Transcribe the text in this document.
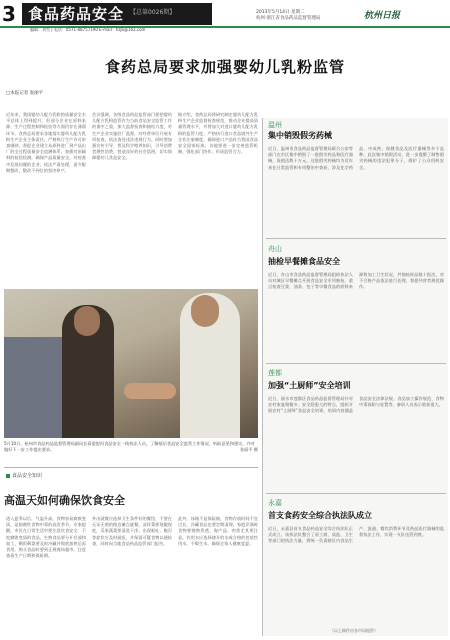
3 食品药品安全 【总第0026期】	2013年5月14日 星期二
杭州·浙江省食品药品监督管理局	杭州日报
编辑：刘雪 | 电话：0571-88757190 E-mail：hzjb@163.com
食药总局要求加强婴幼儿乳粉监管
□本报记者 张丽平
近年来，我国婴幼儿配方乳粉的质量安全水平总体上得到提升，但部分企业在原料来源、生产过程控制和检验等方面仍存在薄弱环节。食药总局要求各地落实婴幼儿配方乳粉生产企业主体责任，严格执行生产许可审查细则，督促企业建立从原料进厂到产品出厂的全过程质量安全追溯体系，加强对原辅料的检验检测，确保产品质量安全。对检查中发现问题的企业，依法严肃处理，责令限期整改，整改不到位的坚决停产。
会议强调，各级食品药品监管部门要把婴幼儿配方乳粉监管作为当前食品安全监管工作的重中之重，加大监督检查和抽检力度，对生产企业实施驻厂监督，对经营单位开展专项检查，依法查处违法违规行为。同时要加强宣传引导，普及科学喂养知识，引导消费者理性消费，营造良好的社会氛围，切实保障婴幼儿食品安全。
据介绍，食药总局将研究制定婴幼儿配方乳粉生产企业监督检查规范，推动企业提高质量管理水平，并将加大对进口婴幼儿配方乳粉的监管力度，严格执行进口食品境外生产企业注册制度，确保进口产品符合我国食品安全国家标准。各地要进一步完善监管机制，强化部门协作，形成监管合力。
5月10日，杭州市食品药品监督管理局副局长看望慰问食品安全一线执法人员，了解基层食品安全监管工作情况，听取意见和建议，并对做好下一步工作提出要求。	张丽平 摄
食品安全知识
高温天如何确保饮食安全
进入夏季以后，气温升高，食物容易腐败变质，是细菌性食物中毒的高发季节。专家提醒，市民在日常生活中要注意饮食安全：不吃腐败变质的食品，生熟食品要分开存放和加工，剩饭剩菜要及时冷藏并彻底加热后再食用。购买食品时要到正规商场超市，注意查看生产日期和保质期。
外出就餐应选择卫生条件好的餐馆，不要在无证无照的路边摊点就餐。凉拌菜要现做现吃，瓜果蔬菜要清洗干净。出现呕吐、腹泻等症状应及时就医，并保留可疑食物以便检查，同时向当地食品药品监管部门报告。
此外，冰箱不是保险箱，食物存放时间不宜过长，冷藏食品也要定期清理。家庭烹调时食物要烧熟煮透，海产品、肉类尤其要注意。饮用水应选择烧开的水或合格的包装饮用水，不喝生水，确保全家人健康度夏。
温州
集中销毁假劣药械
近日，温州市食品药品监督管理局联合公安等部门在市区集中销毁了一批假劣药品和医疗器械，货值达数十万元。这批假劣药械均为近年来在日常监管和专项整治中查获，涉及化学药品、中成药、保健食品及医疗器械等多个品种。此次集中销毁活动，进一步震慑了制售假劣药械的违法犯罪分子，维护了公众用药安全。
舟山
抽检早餐摊食品安全
近日，舟山市食品药品监督管理局组织执法人员对城区早餐摊点开展食品安全专项抽检，重点检查豆浆、油条、包子等早餐食品的原料来源和加工卫生状况，共抽检样品数十批次，对不合格产品依法进行处理，督促经营者规范操作。
莲都
加强“土厨师”安全培训
近日，丽水市莲都区食品药品监督管理局针对农村家宴聚餐多、安全隐患大的特点，组织开展农村“土厨师”食品安全培训，培训内容涵盖食品安全法律法规、食品加工操作规范、食物中毒预防与处置等，参训人员表示收获很大。
永嘉
首支食药安全综合执法队成立
近日，永嘉县首支食品药品安全综合执法队正式成立，该执法队整合了原工商、质监、卫生等部门的执法力量，将统一负责辖区内食品生产、流通、餐饮消费环节及药品医疗器械的监督执法工作，实现一支队伍管到底。
（以上稿件由各市局提供）
